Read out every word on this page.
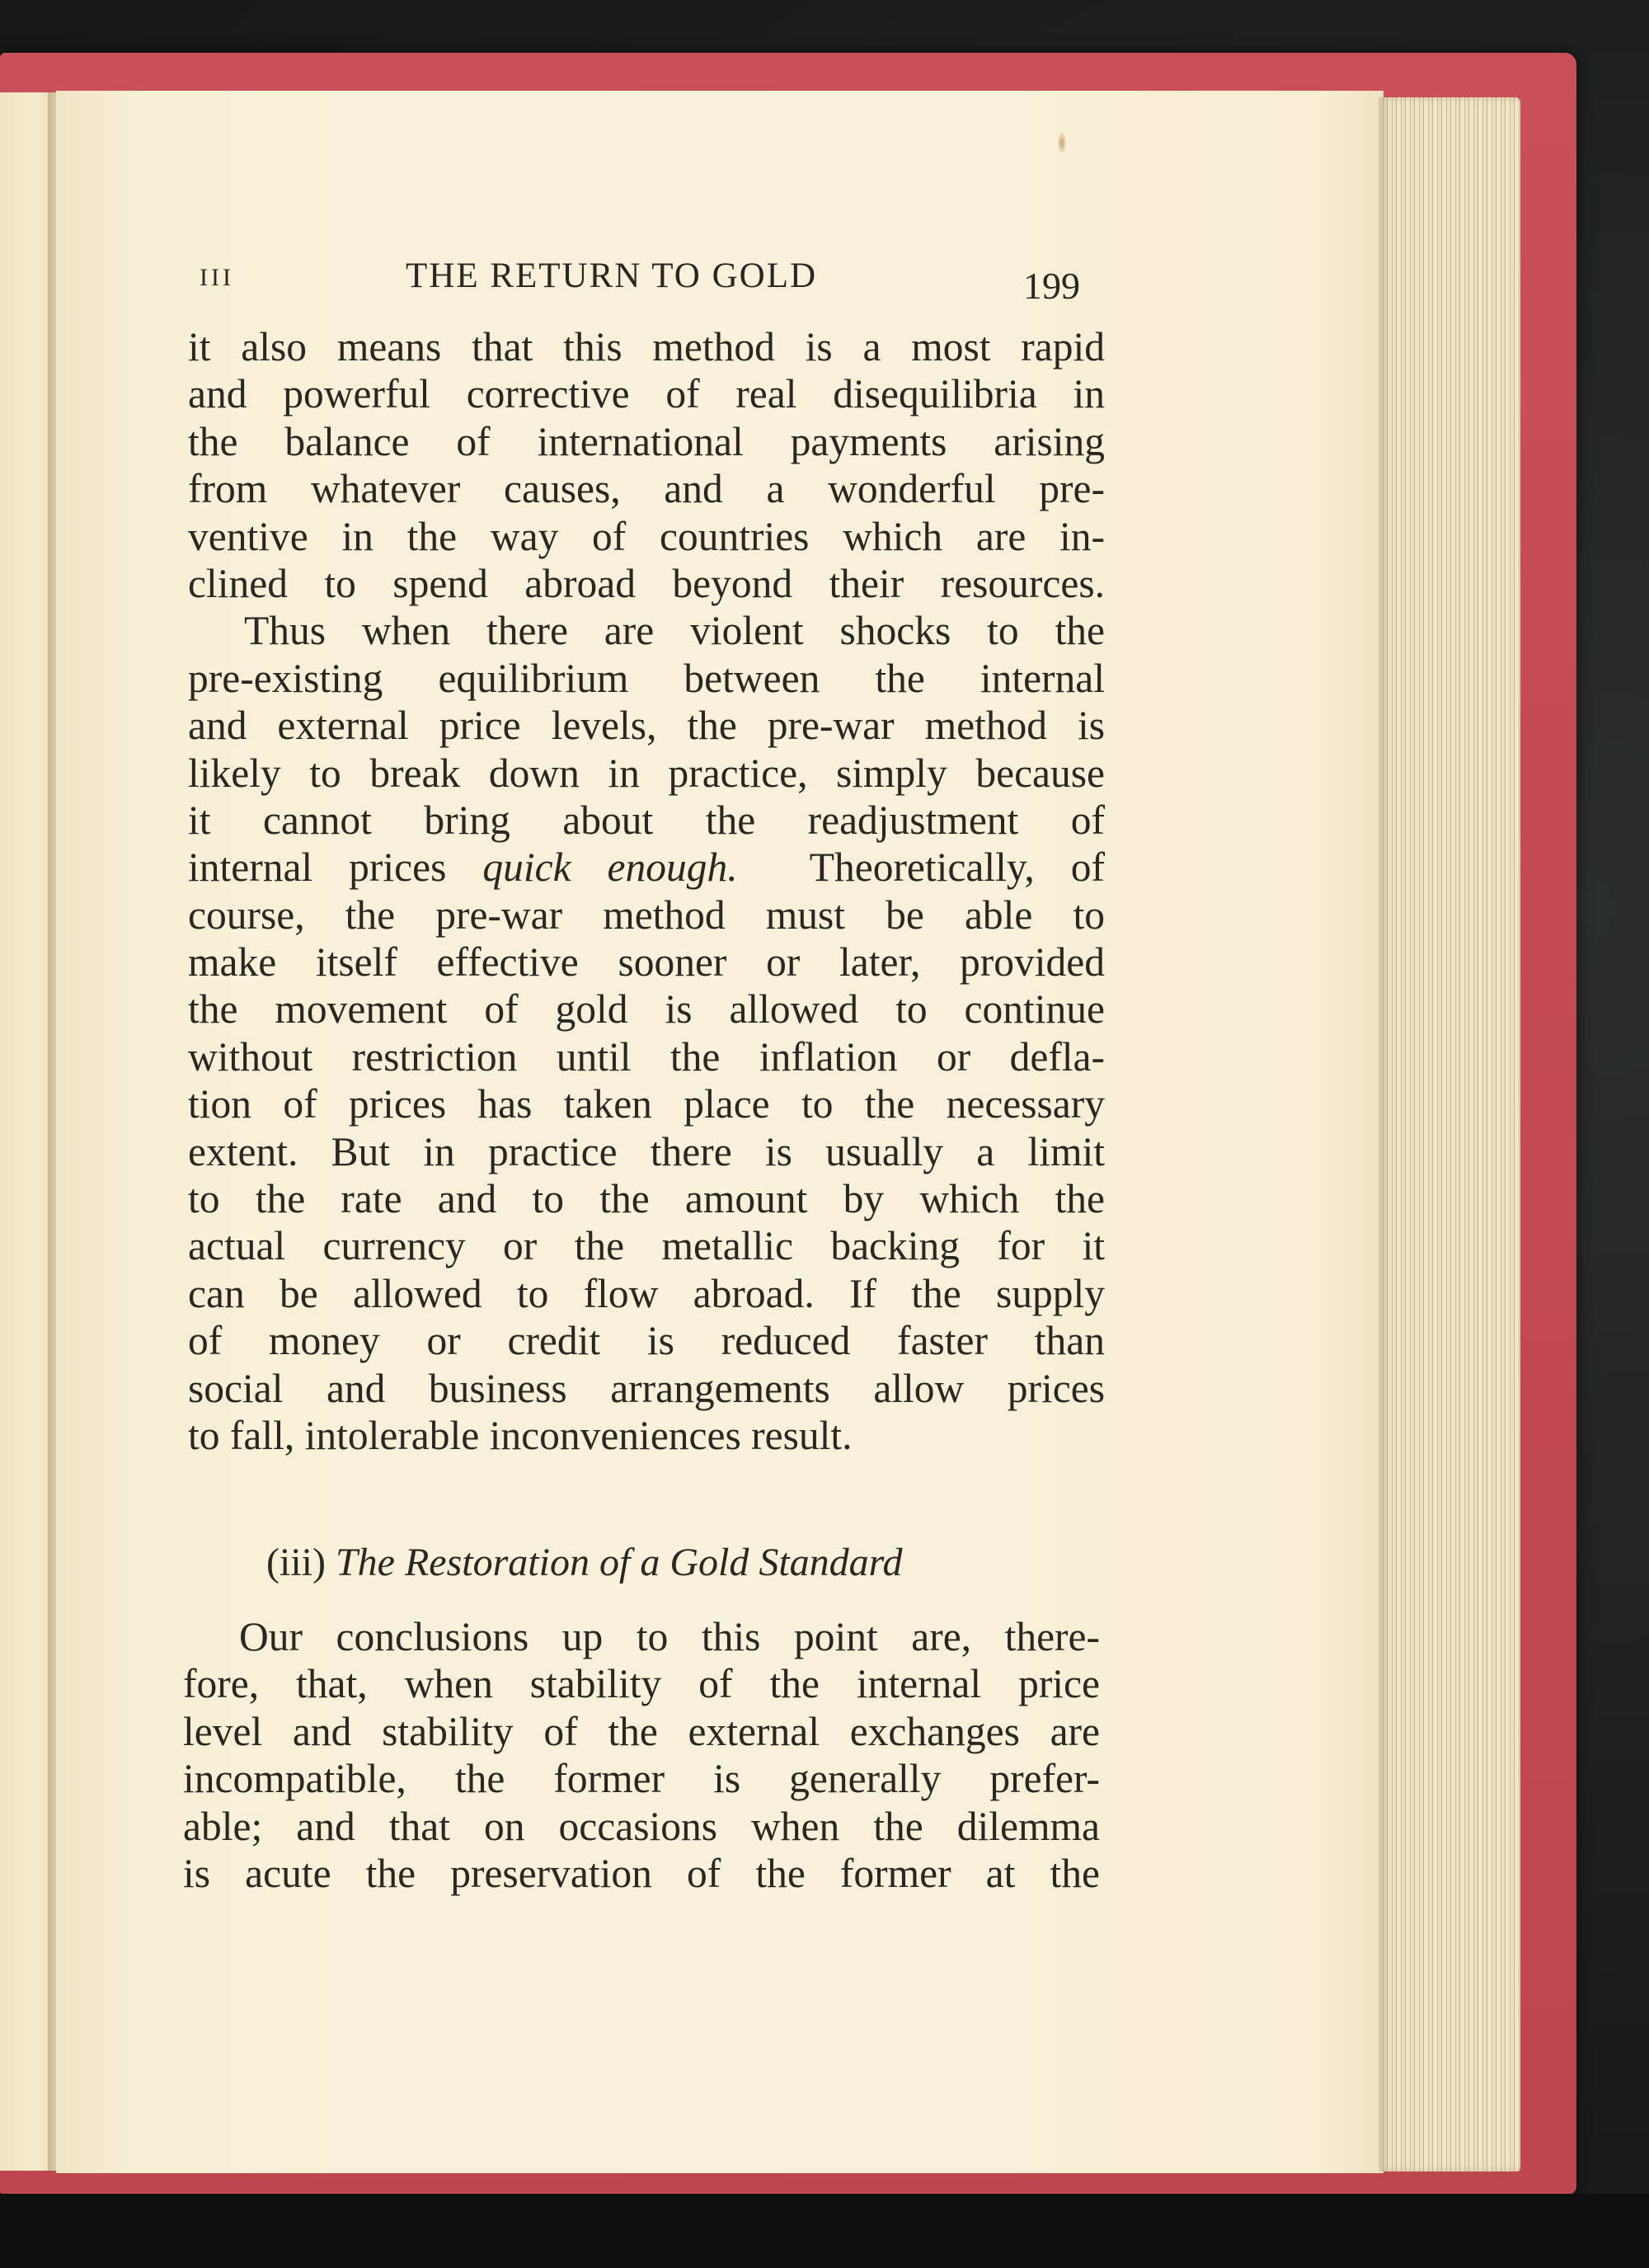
III	THE RETURN TO GOLD	199
it also means that this method is a most rapid
and powerful corrective of real disequilibria in
the balance of international payments arising
from whatever causes, and a wonderful pre-
ventive in the way of countries which are in-
clined to spend abroad beyond their resources.
Thus when there are violent shocks to the
pre-existing equilibrium between the internal
and external price levels, the pre-war method is
likely to break down in practice, simply because
it cannot bring about the readjustment of
internal prices quick enough.  Theoretically, of
course, the pre-war method must be able to
make itself effective sooner or later, provided
the movement of gold is allowed to continue
without restriction until the inflation or defla-
tion of prices has taken place to the necessary
extent. But in practice there is usually a limit
to the rate and to the amount by which the
actual currency or the metallic backing for it
can be allowed to flow abroad. If the supply
of money or credit is reduced faster than
social and business arrangements allow prices
to fall, intolerable inconveniences result.
(iii) The Restoration of a Gold Standard
Our conclusions up to this point are, there-
fore, that, when stability of the internal price
level and stability of the external exchanges are
incompatible, the former is generally prefer-
able; and that on occasions when the dilemma
is acute the preservation of the former at the
